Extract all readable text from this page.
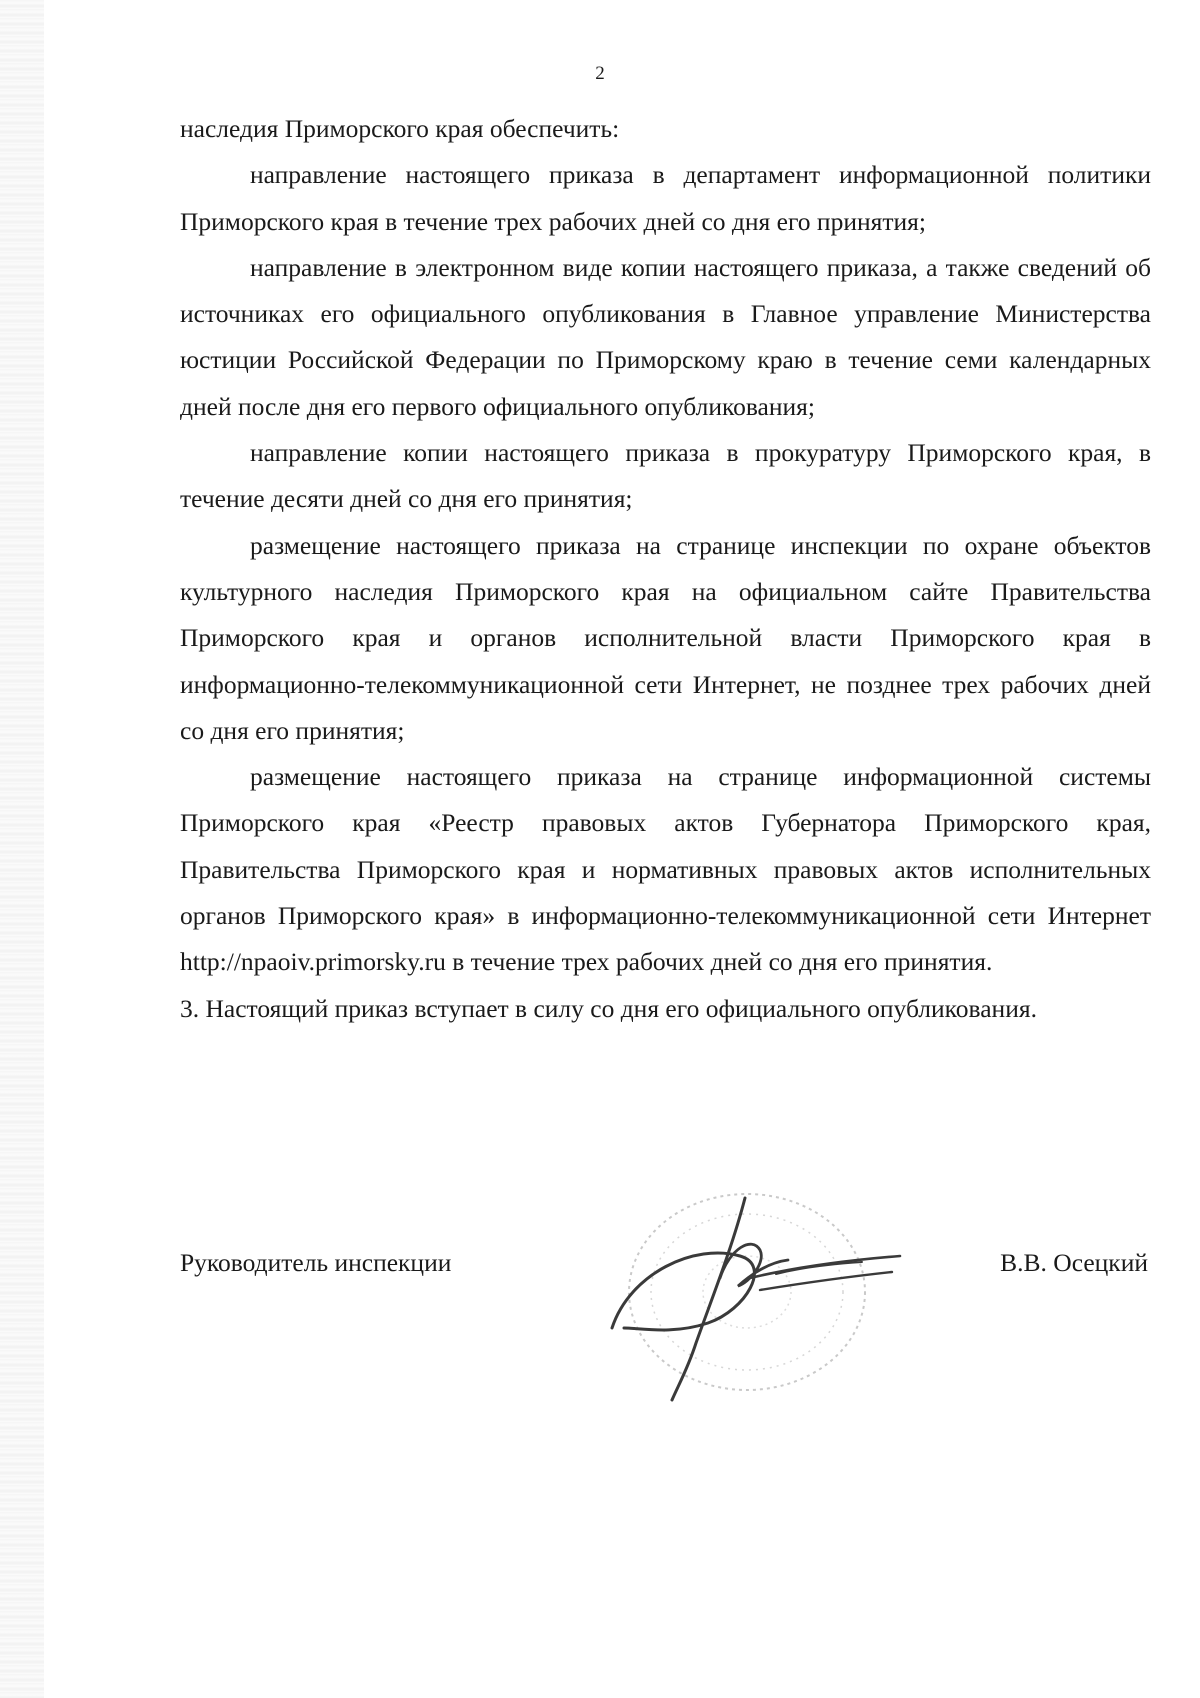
2

наследия Приморского края обеспечить:

направление настоящего приказа в департамент информационной политики Приморского края в течение трех рабочих дней со дня его принятия;

направление в электронном виде копии настоящего приказа, а также сведений об источниках его официального опубликования в Главное управление Министерства юстиции Российской Федерации по Приморскому краю в течение семи календарных дней после дня его первого официального опубликования;

направление копии настоящего приказа в прокуратуру Приморского края, в течение десяти дней со дня его принятия;

размещение настоящего приказа на странице инспекции по охране объектов культурного наследия Приморского края на официальном сайте Правительства Приморского края и органов исполнительной власти Приморского края в информационно-телекоммуникационной сети Интернет, не позднее трех рабочих дней со дня его принятия;

размещение настоящего приказа на странице информационной системы Приморского края «Реестр правовых актов Губернатора Приморского края, Правительства Приморского края и нормативных правовых актов исполнительных органов Приморского края» в информационно-телекоммуникационной сети Интернет http://npaoiv.primorsky.ru в течение трех рабочих дней со дня его принятия.

3. Настоящий приказ вступает в силу со дня его официального опубликования.

Руководитель инспекции	В.В. Осецкий
